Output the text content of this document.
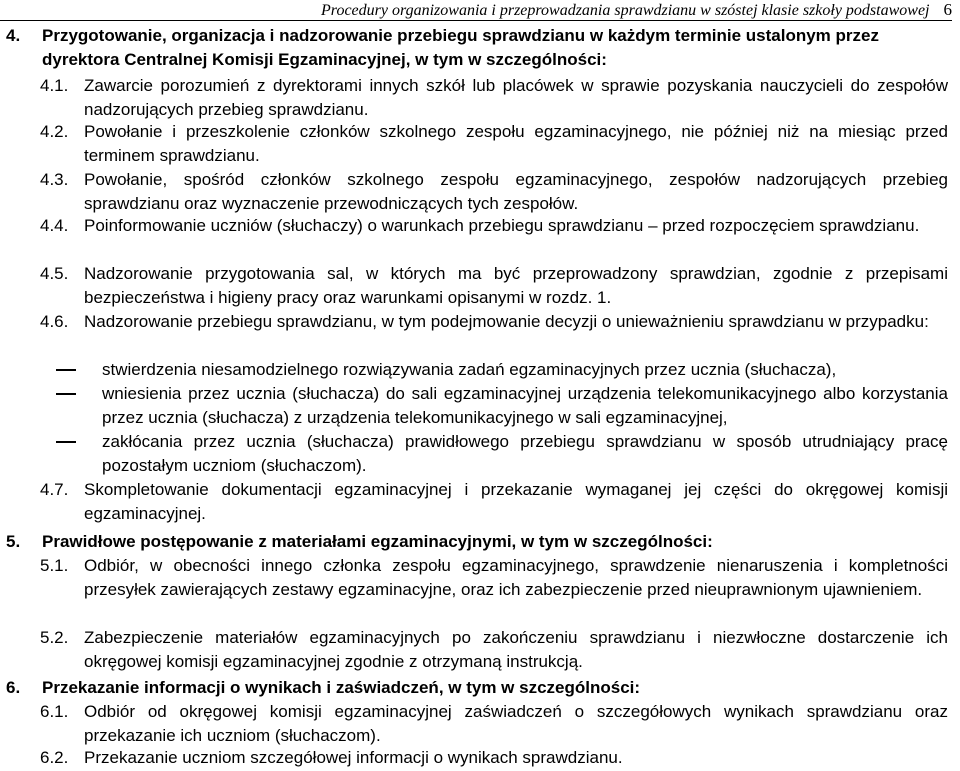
Procedury organizowania i przeprowadzania sprawdzianu w szóstej klasie szkoły podstawowej 6
4.	Przygotowanie, organizacja i nadzorowanie przebiegu sprawdzianu w każdym terminie ustalonym przez dyrektora Centralnej Komisji Egzaminacyjnej, w tym w szczególności:
4.1. Zawarcie porozumień z dyrektorami innych szkół lub placówek w sprawie pozyskania nauczycieli do zespołów nadzorujących przebieg sprawdzianu.
4.2. Powołanie i przeszkolenie członków szkolnego zespołu egzaminacyjnego, nie później niż na miesiąc przed terminem sprawdzianu.
4.3. Powołanie, spośród członków szkolnego zespołu egzaminacyjnego, zespołów nadzorujących przebieg sprawdzianu oraz wyznaczenie przewodniczących tych zespołów.
4.4. Poinformowanie uczniów (słuchaczy) o warunkach przebiegu sprawdzianu – przed rozpoczęciem sprawdzianu.
4.5. Nadzorowanie przygotowania sal, w których ma być przeprowadzony sprawdzian, zgodnie z przepisami bezpieczeństwa i higieny pracy oraz warunkami opisanymi w rozdz. 1.
4.6. Nadzorowanie przebiegu sprawdzianu, w tym podejmowanie decyzji o unieważnieniu sprawdzianu w przypadku:
stwierdzenia niesamodzielnego rozwiązywania zadań egzaminacyjnych przez ucznia (słuchacza),
wniesienia przez ucznia (słuchacza) do sali egzaminacyjnej urządzenia telekomunikacyjnego albo korzystania przez ucznia (słuchacza) z urządzenia telekomunikacyjnego w sali egzaminacyjnej,
zakłócania przez ucznia (słuchacza) prawidłowego przebiegu sprawdzianu w sposób utrudniający pracę pozostałym uczniom (słuchaczom).
4.7. Skompletowanie dokumentacji egzaminacyjnej i przekazanie wymaganej jej części do okręgowej komisji egzaminacyjnej.
5.	Prawidłowe postępowanie z materiałami egzaminacyjnymi, w tym w szczególności:
5.1. Odbiór, w obecności innego członka zespołu egzaminacyjnego, sprawdzenie nienaruszenia i kompletności przesyłek zawierających zestawy egzaminacyjne, oraz ich zabezpieczenie przed nieuprawnionym ujawnieniem.
5.2. Zabezpieczenie materiałów egzaminacyjnych po zakończeniu sprawdzianu i niezwłoczne dostarczenie ich okręgowej komisji egzaminacyjnej zgodnie z otrzymaną instrukcją.
6.	Przekazanie informacji o wynikach i zaświadczeń, w tym w szczególności:
6.1. Odbiór od okręgowej komisji egzaminacyjnej zaświadczeń o szczegółowych wynikach sprawdzianu oraz przekazanie ich uczniom (słuchaczom).
6.2. Przekazanie uczniom szczegółowej informacji o wynikach sprawdzianu.
